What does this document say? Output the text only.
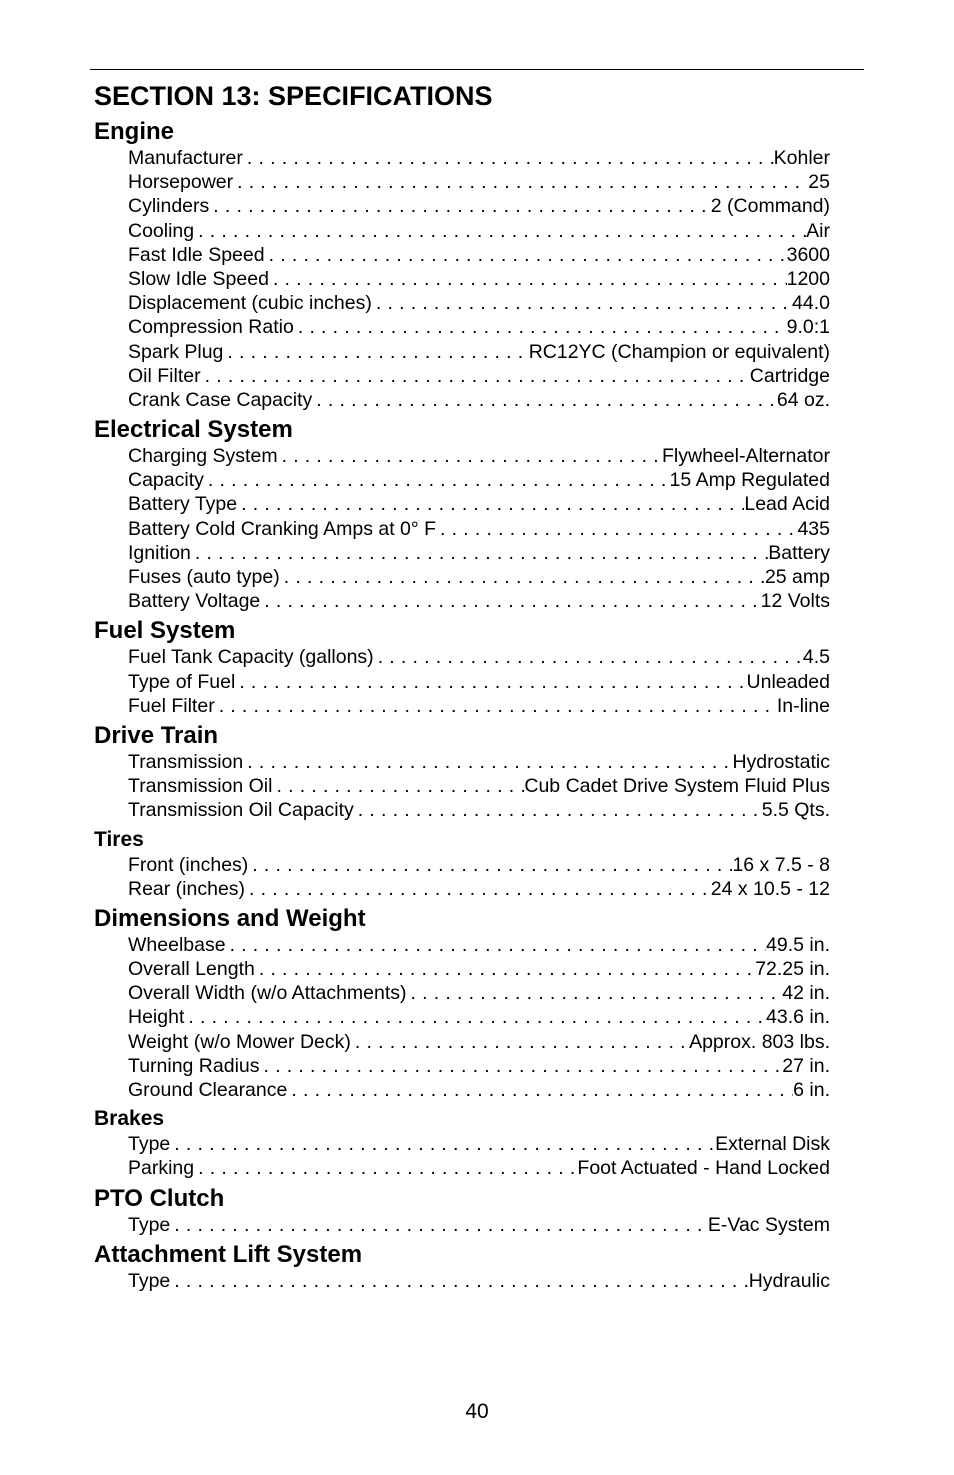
SECTION 13: SPECIFICATIONS
Engine
Manufacturer . . .	Kohler
Horsepower . . .	25
Cylinders . . .	2 (Command)
Cooling . . .	Air
Fast Idle Speed . . .	3600
Slow Idle Speed . . .	1200
Displacement (cubic inches) . . .	44.0
Compression Ratio . . .	9.0:1
Spark Plug . . .	RC12YC (Champion or equivalent)
Oil Filter . . .	Cartridge
Crank Case Capacity . . .	64 oz.
Electrical System
Charging System . . .	Flywheel-Alternator
Capacity . . .	15 Amp Regulated
Battery Type . . .	Lead Acid
Battery Cold Cranking Amps at 0° F . . .	435
Ignition . . .	Battery
Fuses (auto type) . . .	25 amp
Battery Voltage . . .	12 Volts
Fuel System
Fuel Tank Capacity (gallons) . . .	4.5
Type of Fuel . . .	Unleaded
Fuel Filter . . .	In-line
Drive Train
Transmission . . .	Hydrostatic
Transmission Oil . . .	Cub Cadet Drive System Fluid Plus
Transmission Oil Capacity . . .	5.5 Qts.
Tires
Front (inches) . . .	16 x 7.5 - 8
Rear (inches) . . .	24 x 10.5 - 12
Dimensions and Weight
Wheelbase . . .	49.5 in.
Overall Length . . .	72.25 in.
Overall Width (w/o Attachments) . . .	42 in.
Height . . .	43.6 in.
Weight (w/o Mower Deck) . . .	Approx. 803 lbs.
Turning Radius . . .	27 in.
Ground Clearance . . .	6 in.
Brakes
Type . . .	External Disk
Parking . . .	Foot Actuated - Hand Locked
PTO Clutch
Type . . .	E-Vac System
Attachment Lift System
Type . . .	Hydraulic
40
